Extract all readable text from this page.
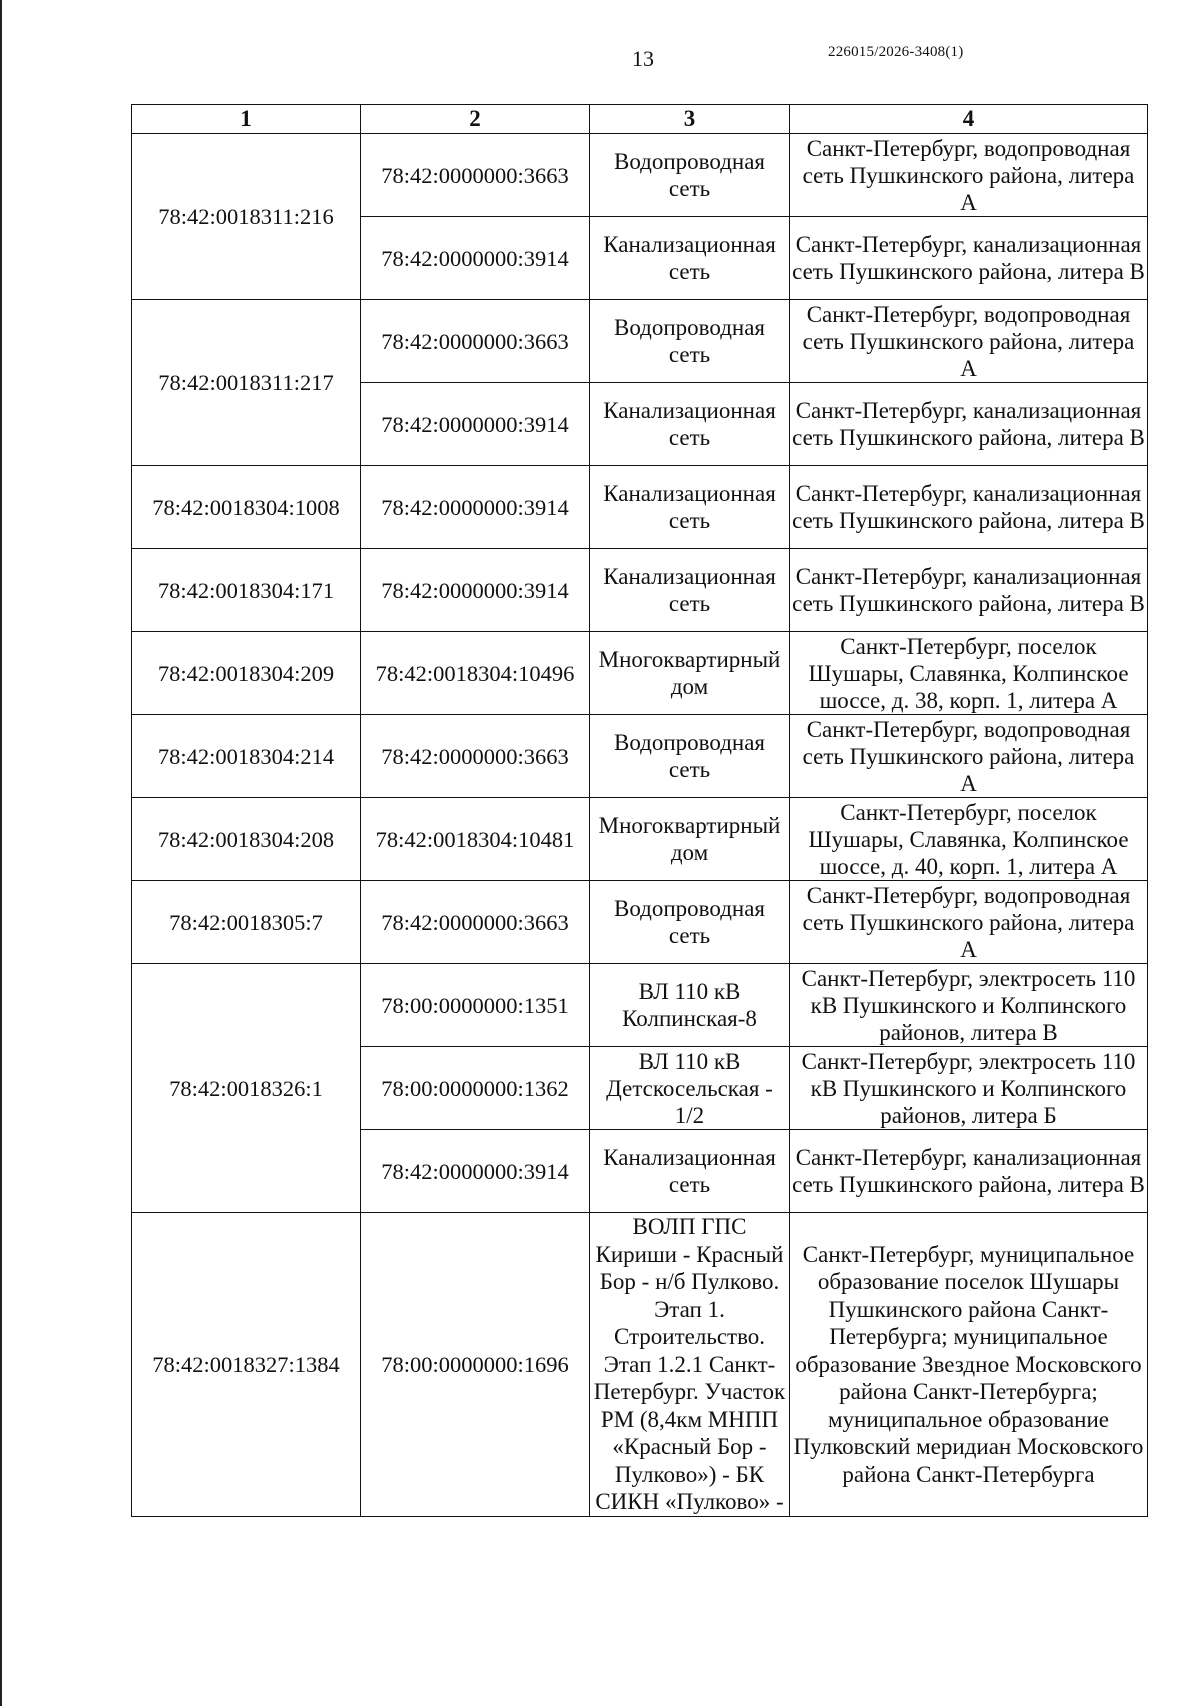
13	226015/2026-3408(1)
1	2	3	4
78:42:0018311:216	78:42:0000000:3663	Водопроводная сеть	Санкт-Петербург, водопроводная сеть Пушкинского района, литера А
	78:42:0000000:3914	Канализационная сеть	Санкт-Петербург, канализационная сеть Пушкинского района, литера В
78:42:0018311:217	78:42:0000000:3663	Водопроводная сеть	Санкт-Петербург, водопроводная сеть Пушкинского района, литера А
	78:42:0000000:3914	Канализационная сеть	Санкт-Петербург, канализационная сеть Пушкинского района, литера В
78:42:0018304:1008	78:42:0000000:3914	Канализационная сеть	Санкт-Петербург, канализационная сеть Пушкинского района, литера В
78:42:0018304:171	78:42:0000000:3914	Канализационная сеть	Санкт-Петербург, канализационная сеть Пушкинского района, литера В
78:42:0018304:209	78:42:0018304:10496	Многоквартирный дом	Санкт-Петербург, поселок Шушары, Славянка, Колпинское шоссе, д. 38, корп. 1, литера А
78:42:0018304:214	78:42:0000000:3663	Водопроводная сеть	Санкт-Петербург, водопроводная сеть Пушкинского района, литера А
78:42:0018304:208	78:42:0018304:10481	Многоквартирный дом	Санкт-Петербург, поселок Шушары, Славянка, Колпинское шоссе, д. 40, корп. 1, литера А
78:42:0018305:7	78:42:0000000:3663	Водопроводная сеть	Санкт-Петербург, водопроводная сеть Пушкинского района, литера А
78:42:0018326:1	78:00:0000000:1351	ВЛ 110 кВ Колпинская-8	Санкт-Петербург, электросеть 110 кВ Пушкинского и Колпинского районов, литера В
	78:00:0000000:1362	ВЛ 110 кВ Детскосельская - 1/2	Санкт-Петербург, электросеть 110 кВ Пушкинского и Колпинского районов, литера Б
	78:42:0000000:3914	Канализационная сеть	Санкт-Петербург, канализационная сеть Пушкинского района, литера В
78:42:0018327:1384	78:00:0000000:1696	ВОЛП ГПС Кириши - Красный Бор - н/б Пулково. Этап 1. Строительство. Этап 1.2.1 Санкт-Петербург. Участок РМ (8,4км МНПП «Красный Бор - Пулково») - БК СИКН «Пулково» -	Санкт-Петербург, муниципальное образование поселок Шушары Пушкинского района Санкт-Петербурга; муниципальное образование Звездное Московского района Санкт-Петербурга; муниципальное образование Пулковский меридиан Московского района Санкт-Петербурга
